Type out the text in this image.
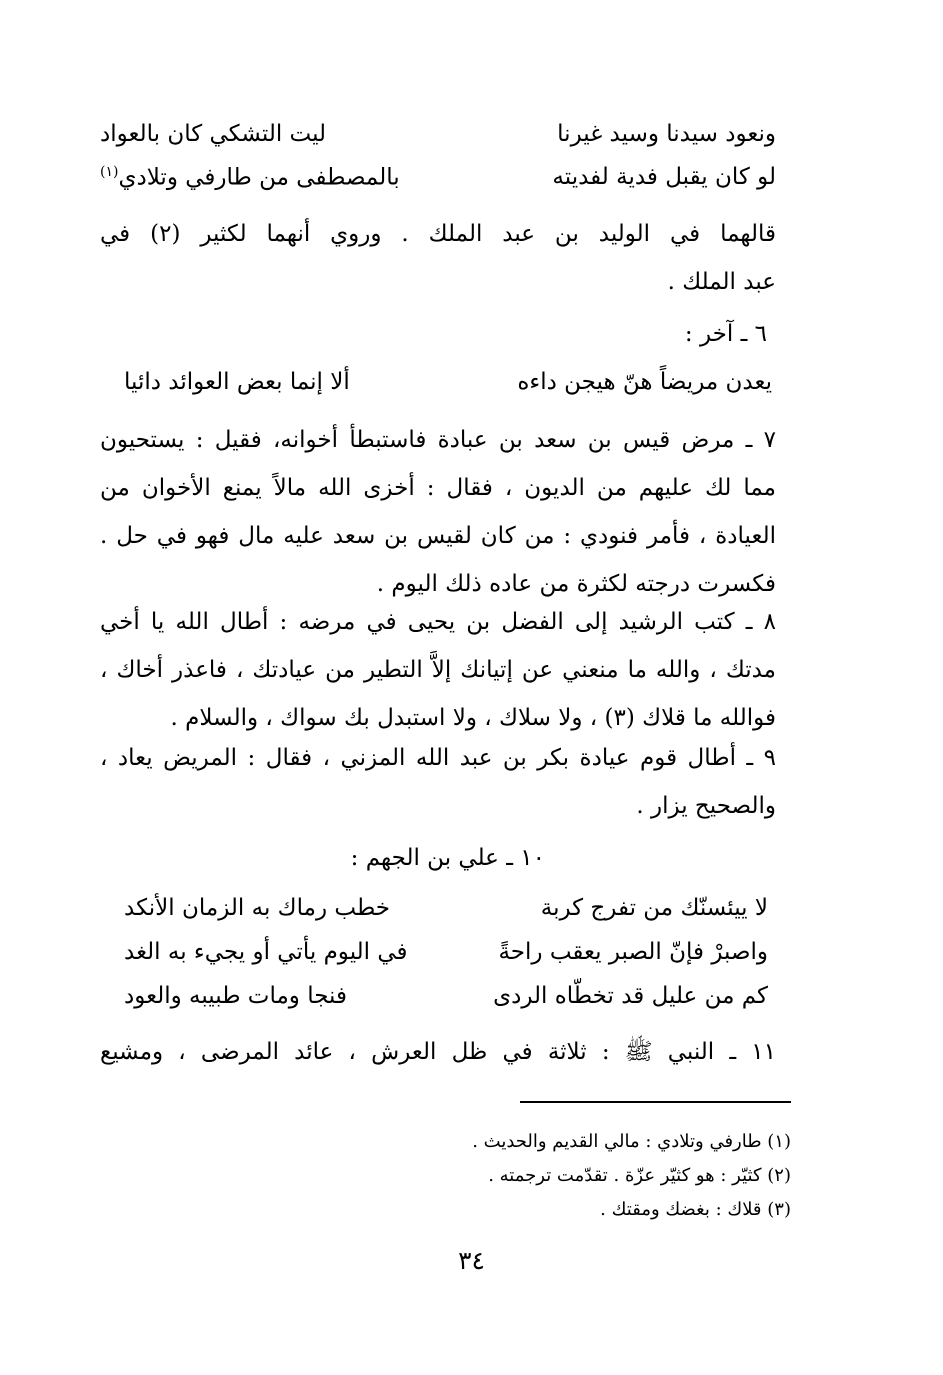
ونعود سيدنا وسيد غيرنا
ليت التشكي كان بالعواد
لو كان يقبل فدية لفديته
بالمصطفى من طارفي وتلادي$^{(١)}$
قالهما في الوليد بن عبد الملك . وروي أنهما لكثير (٢) في
عبد الملك .
٦ ـ آخر :
يعدن مريضاً هنّ هيجن داءه
ألا إنما بعض العوائد دائيا
٧ ـ مرض قيس بن سعد بن عبادة فاستبطأ أخوانه، فقيل : يستحيون
مما لك عليهم من الديون ، فقال : أخزى الله مالاً يمنع الأخوان من
العيادة ، فأمر فنودي : من كان لقيس بن سعد عليه مال فهو في حل .
فكسرت درجته لكثرة من عاده ذلك اليوم .
٨ ـ كتب الرشيد إلى الفضل بن يحيى في مرضه : أطال الله يا أخي
مدتك ، والله ما منعني عن إتيانك إلاَّ التطير من عيادتك ، فاعذر أخاك ،
فوالله ما قلاك (٣) ، ولا سلاك ، ولا استبدل بك سواك ، والسلام .
٩ ـ أطال قوم عيادة بكر بن عبد الله المزني ، فقال : المريض يعاد ،
والصحيح يزار .
١٠ ـ علي بن الجهم :
لا ييئسنّك من تفرج كربة
خطب رماك به الزمان الأنكد
واصبرْ فإنّ الصبر يعقب راحةً
في اليوم يأتي أو يجيء به الغد
كم من عليل قد تخطّاه الردى
فنجا ومات طبيبه والعود
١١ ـ النبي ﷺ : ثلاثة في ظل العرش ، عائد المرضى ، ومشيع
(١) طارفي وتلادي : مالي القديم والحديث .
(٢) كثيّر : هو كثيّر عزّة . تقدّمت ترجمته .
(٣) قلاك : بغضك ومقتك .
٣٤
